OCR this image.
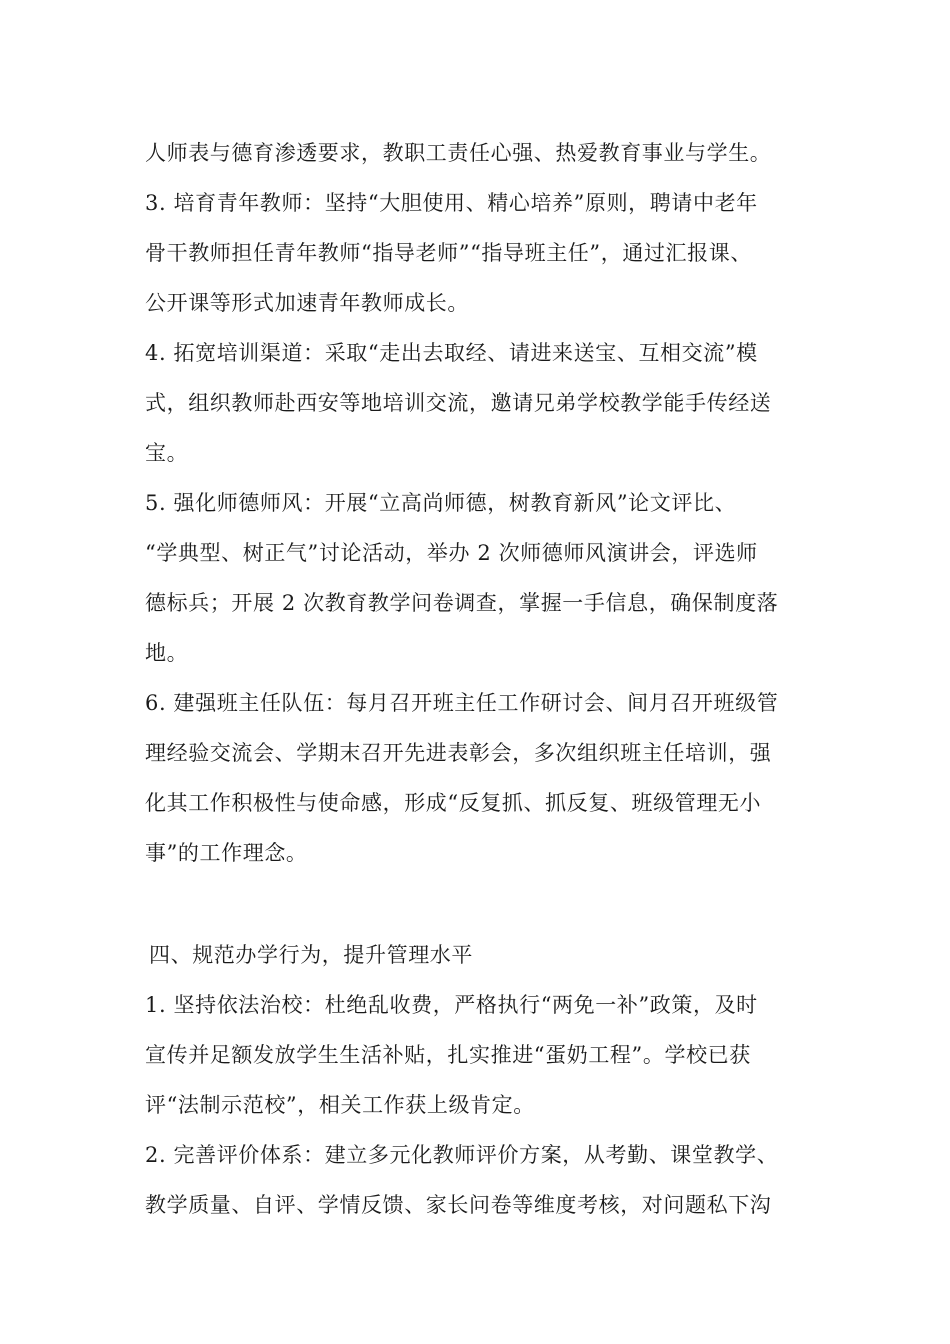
人师表与德育渗透要求，教职工责任心强、热爱教育事业与学生。
3. 培育青年教师：坚持“大胆使用、精心培养”原则，聘请中老年
骨干教师担任青年教师“指导老师”“指导班主任”，通过汇报课、
公开课等形式加速青年教师成长。
4. 拓宽培训渠道：采取“走出去取经、请进来送宝、互相交流”模
式，组织教师赴西安等地培训交流，邀请兄弟学校教学能手传经送
宝。
5. 强化师德师风：开展“立高尚师德，树教育新风”论文评比、
“学典型、树正气”讨论活动，举办 2 次师德师风演讲会，评选师
德标兵；开展 2 次教育教学问卷调查，掌握一手信息，确保制度落
地。
6. 建强班主任队伍：每月召开班主任工作研讨会、间月召开班级管
理经验交流会、学期末召开先进表彰会，多次组织班主任培训，强
化其工作积极性与使命感，形成“反复抓、抓反复、班级管理无小
事”的工作理念。
四、规范办学行为，提升管理水平
1. 坚持依法治校：杜绝乱收费，严格执行“两免一补”政策，及时
宣传并足额发放学生生活补贴，扎实推进“蛋奶工程”。学校已获
评“法制示范校”，相关工作获上级肯定。
2. 完善评价体系：建立多元化教师评价方案，从考勤、课堂教学、
教学质量、自评、学情反馈、家长问卷等维度考核，对问题私下沟
